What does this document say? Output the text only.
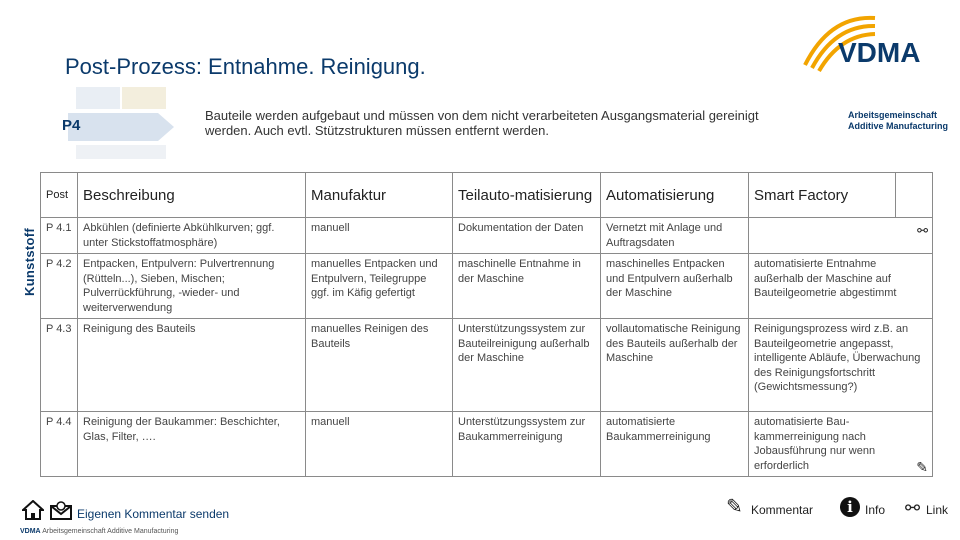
Post-Prozess: Entnahme. Reinigung.
P4
Bauteile werden aufgebaut und müssen von dem nicht verarbeiteten Ausgangsmaterial gereinigt werden. Auch evtl. Stützstrukturen müssen entfernt werden.
VDMA
Arbeitsgemeinschaft
Additive Manufacturing
Kunststoff
Post	Beschreibung	Manufaktur	Teilauto-matisierung	Automatisierung	Smart Factory	
P 4.1	Abkühlen (definierte Abkühlkurven; ggf. unter Stickstoffatmosphäre)	manuell	Dokumentation der Daten	Vernetzt mit Anlage und Auftragsdaten	⚯	

P 4.2	Entpacken, Entpulvern: Pulvertrennung (Rütteln...), Sieben, Mischen; Pulverrückführung, -wieder- und weiterverwendung	manuelles Entpacken und Entpulvern, Teilegruppe ggf. im Käfig gefertigt	maschinelle Entnahme in der Maschine	maschinelles Entpacken und Entpulvern außerhalb der Maschine	automatisierte Entnahme außerhalb der Maschine auf Bauteilgeometrie abgestimmt	
P 4.3	Reinigung des Bauteils	manuelles Reinigen des Bauteils	Unterstützungssystem zur Bauteilreinigung außerhalb der Maschine	vollautomatische Reinigung des Bauteils außerhalb der Maschine	Reinigungsprozess wird z.B. an Bauteilgeometrie angepasst, intelligente Abläufe, Überwachung des Reinigungsfortschritt (Gewichtsmessung?)	
P 4.4	Reinigung der Baukammer: Beschichter, Glas, Filter, ….	manuell	Unterstützungssystem zur Baukammerreinigung	automatisierte Baukammerreinigung	automatisierte Bau-kammerreinigung nach Jobausführung nur wenn erforderlich ✎	
Eigenen Kommentar senden	✎ Kommentar	i	Info ⚯ Link
VDMA Arbeitsgemeinschaft Additive Manufacturing
